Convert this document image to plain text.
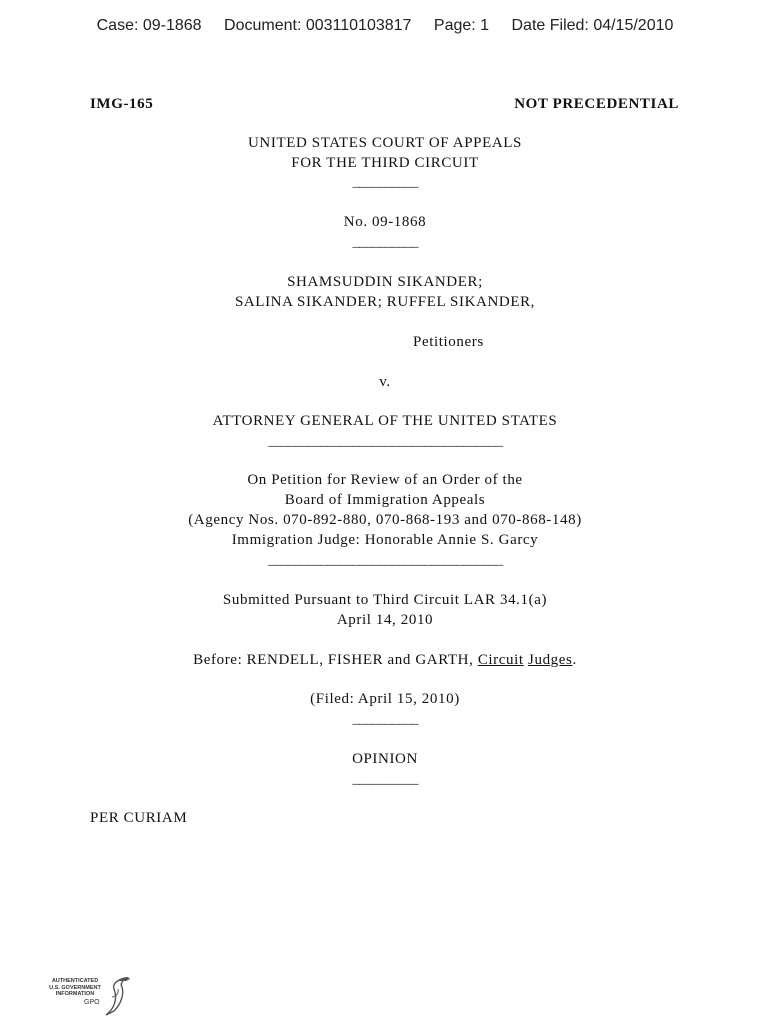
Case: 09-1868 Document: 003110103817 Page: 1 Date Filed: 04/15/2010
IMG-165	NOT PRECEDENTIAL
UNITED STATES COURT OF APPEALS
FOR THE THIRD CIRCUIT
__________
No. 09-1868
__________
SHAMSUDDIN SIKANDER;
SALINA SIKANDER; RUFFEL SIKANDER,
Petitioners
v.
ATTORNEY GENERAL OF THE UNITED STATES
____________________________________
On Petition for Review of an Order of the
Board of Immigration Appeals
(Agency Nos. 070-892-880, 070-868-193 and 070-868-148)
Immigration Judge: Honorable Annie S. Garcy
____________________________________
Submitted Pursuant to Third Circuit LAR 34.1(a)
April 14, 2010
Before: RENDELL, FISHER and GARTH, Circuit Judges.
(Filed: April 15, 2010)
__________
OPINION
__________
PER CURIAM
AUTHENTICATED
U.S. GOVERNMENT
INFORMATION
GPO
